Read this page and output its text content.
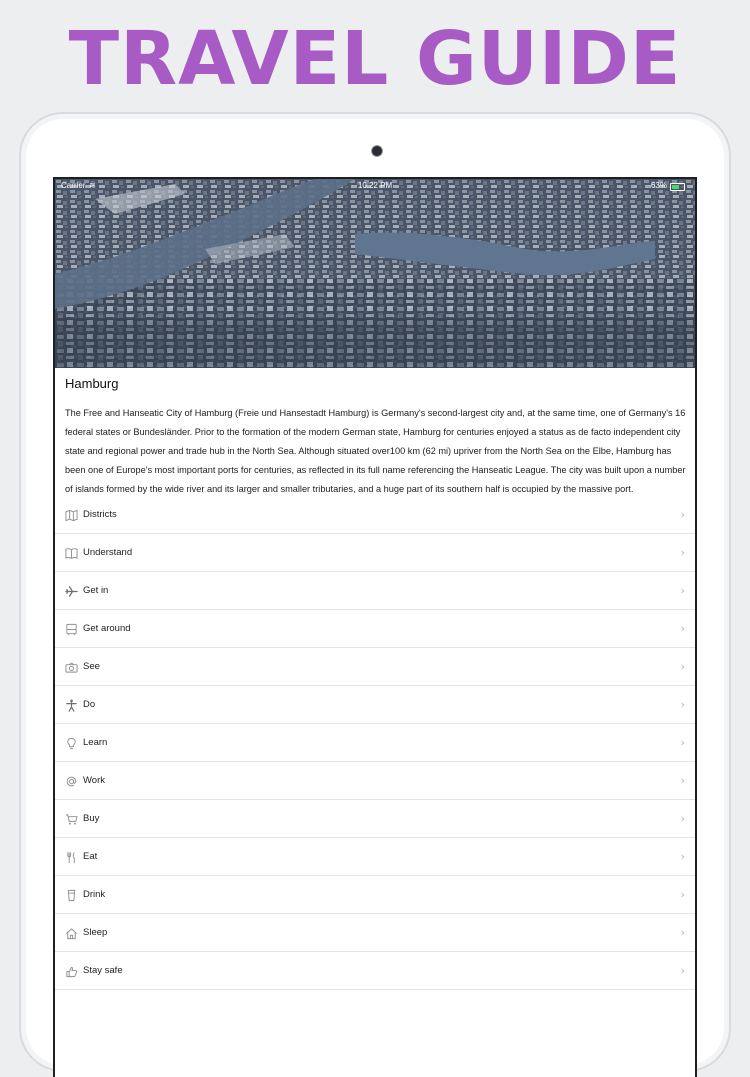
TRAVEL GUIDE
Carrier ≋	10:22 PM	63%
Hamburg

The Free and Hanseatic City of Hamburg (Freie und Hansestadt Hamburg) is Germany's second-largest city and, at the same time, one of Germany's 16 federal states or Bundesländer. Prior to the formation of the modern German state, Hamburg for centuries enjoyed a status as de facto independent city state and regional power and trade hub in the North Sea. Although situated over100 km (62 mi) upriver from the North Sea on the Elbe, Hamburg has been one of Europe's most important ports for centuries, as reflected in its full name referencing the Hanseatic League. The city was built upon a number of islands formed by the wide river and its larger and smaller tributaries, and a huge part of its southern half is occupied by the massive port.

Districts	›
Understand	›
Get in	›
Get around	›
See	›
Do	›
Learn	›
Work	›
Buy	›
Eat	›
Drink	›
Sleep	›
Stay safe	›
